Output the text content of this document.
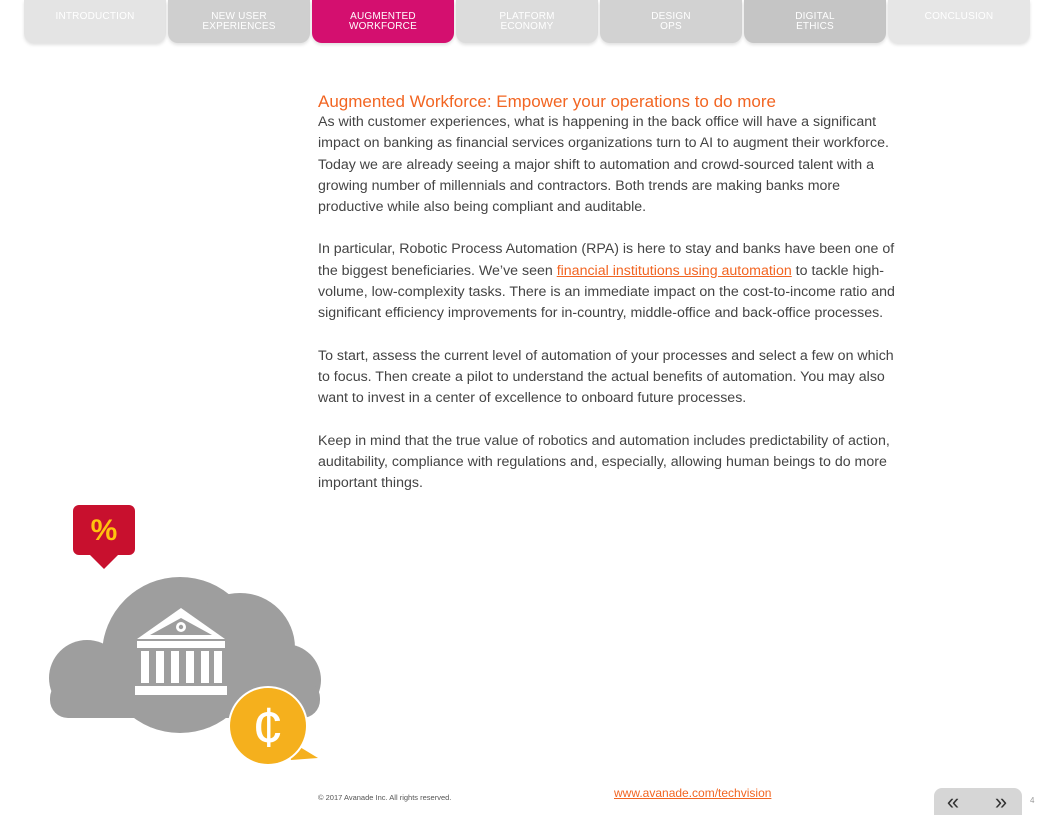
INTRODUCTION	NEW USER
EXPERIENCES
AUGMENTED
WORKFORCE
PLATFORM
ECONOMY
DESIGN
OPS
DIGITAL
ETHICS
CONCLUSION
Augmented Workforce: Empower your operations to do more

As with customer experiences, what is happening in the back office will have a significant impact on banking as financial services organizations turn to AI to augment their workforce. Today we are already seeing a major shift to automation and crowd-sourced talent with a growing number of millennials and contractors. Both trends are making banks more productive while also being compliant and auditable.

In particular, Robotic Process Automation (RPA) is here to stay and banks have been one of the biggest beneficiaries. We’ve seen financial institutions using automation to tackle high-volume, low-complexity tasks. There is an immediate impact on the cost-to-income ratio and significant efficiency improvements for in-country, middle-office and back-office processes.

To start, assess the current level of automation of your processes and select a few on which to focus. Then create a pilot to understand the actual benefits of automation. You may also want to invest in a center of excellence to onboard future processes.

Keep in mind that the true value of robotics and automation includes predictability of action, auditability, compliance with regulations and, especially, allowing human beings to do more important things.

%
¢
© 2017 Avanade Inc. All rights reserved.	www.avanade.com/techvision	«	»	4
